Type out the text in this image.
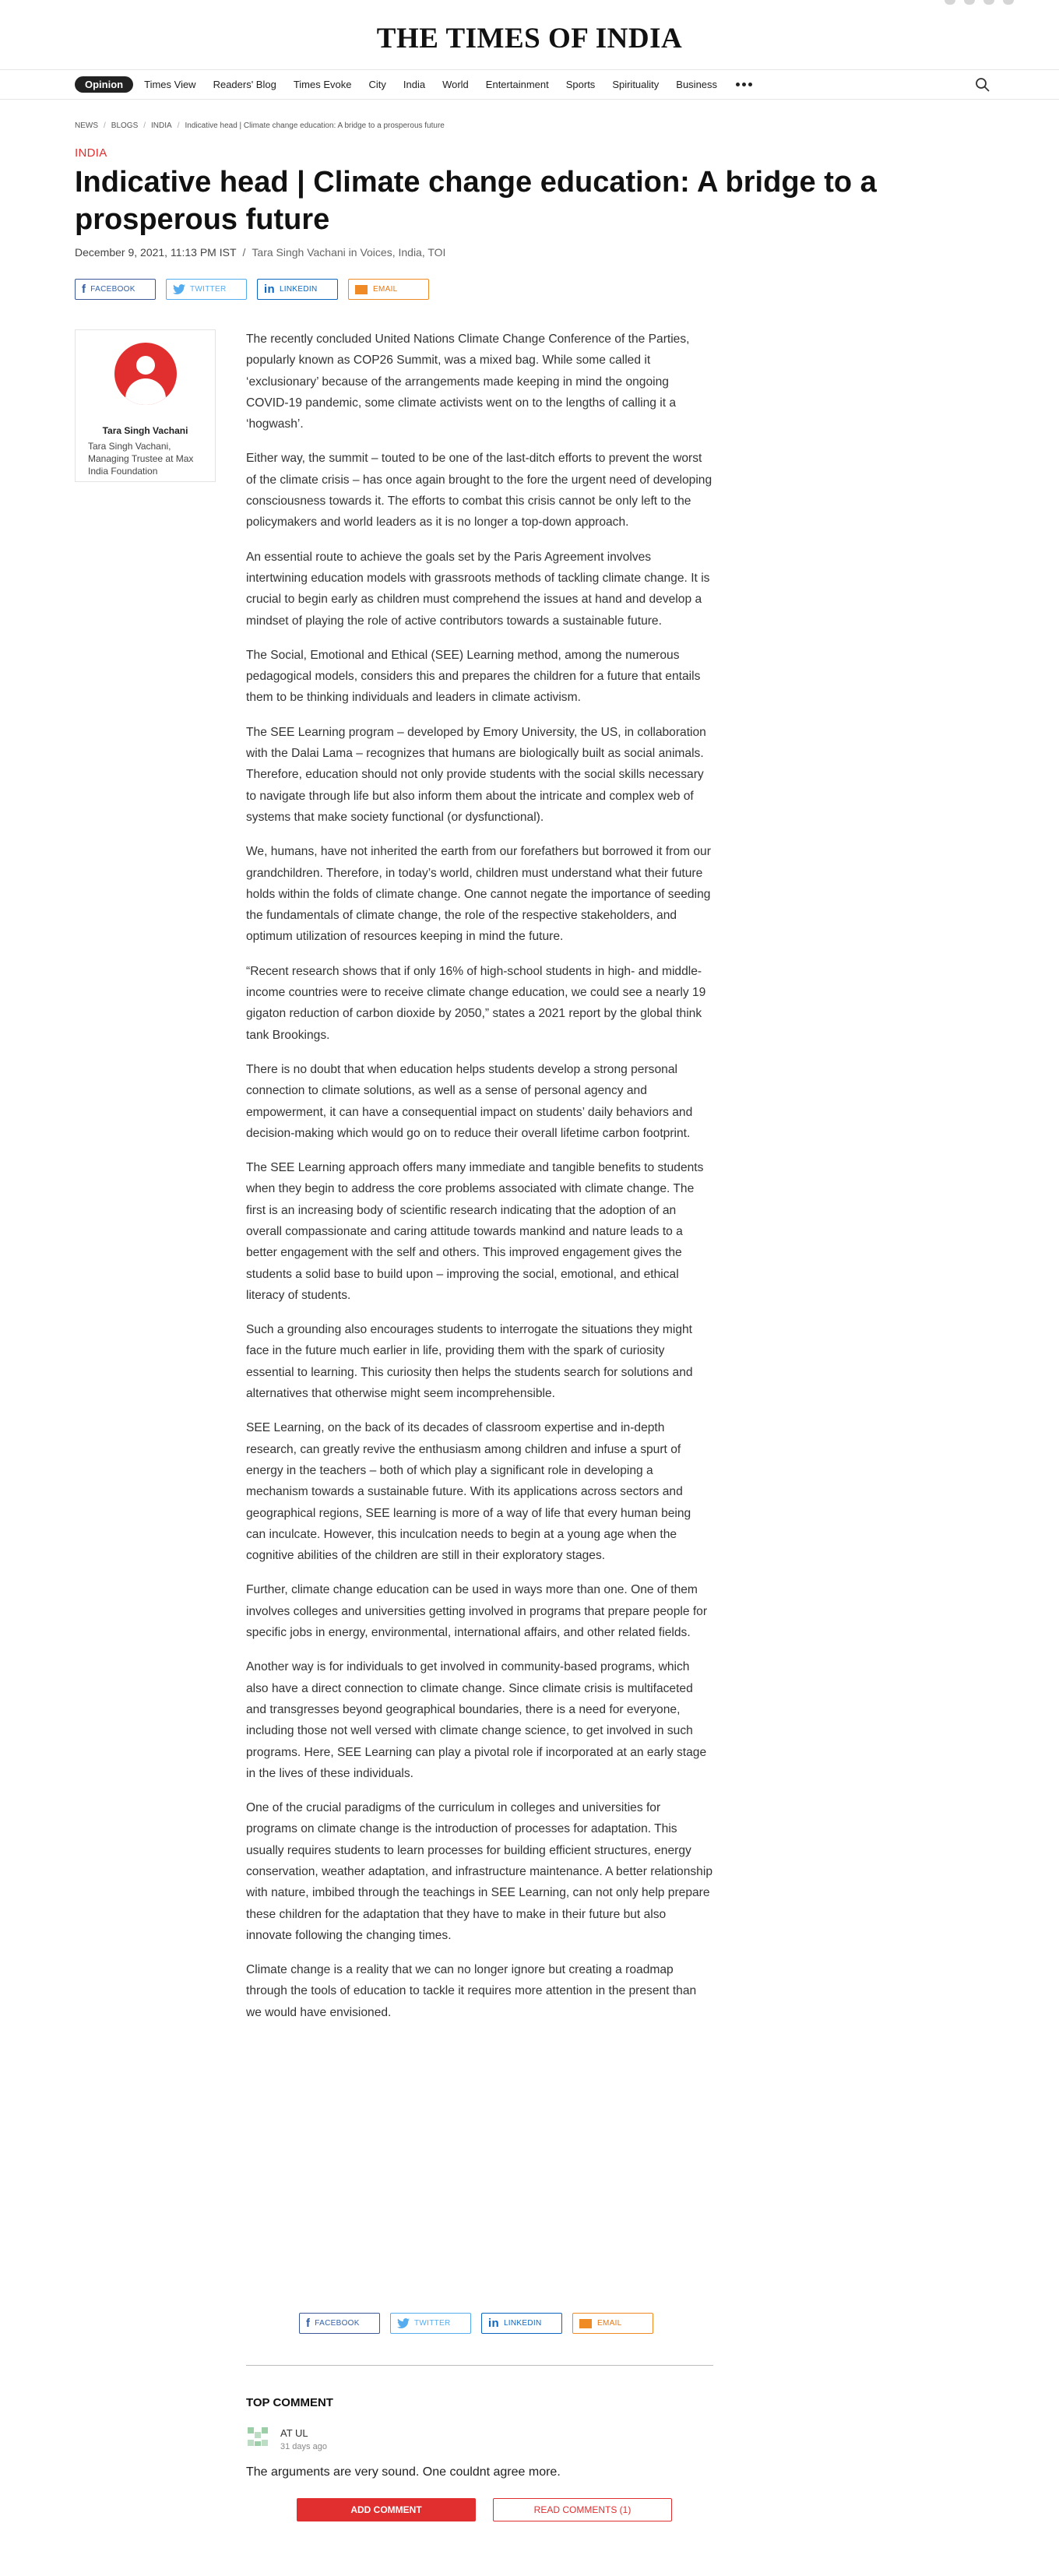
THE TIMES OF INDIA
Opinion	Times View Readers' Blog Times Evoke City India World Entertainment Sports Spirituality Business
NEWS / BLOGS / INDIA / Indicative head | Climate change education: A bridge to a prosperous future
INDIA
Indicative head | Climate change education: A bridge to a prosperous future
December 9, 2021, 11:13 PM IST / Tara Singh Vachani in Voices, India, TOI
f FACEBOOK	TWITTER	in LINKEDIN	EMAIL
Tara Singh Vachani
Tara Singh Vachani, Managing Trustee at Max India Foundation

The recently concluded United Nations Climate Change Conference of the Parties, popularly known as COP26 Summit, was a mixed bag. While some called it ‘exclusionary’ because of the arrangements made keeping in mind the ongoing COVID-19 pandemic, some climate activists went on to the lengths of calling it a ‘hogwash’.

Either way, the summit – touted to be one of the last-ditch efforts to prevent the worst of the climate crisis – has once again brought to the fore the urgent need of developing consciousness towards it. The efforts to combat this crisis cannot be only left to the policymakers and world leaders as it is no longer a top-down approach.

An essential route to achieve the goals set by the Paris Agreement involves intertwining education models with grassroots methods of tackling climate change. It is crucial to begin early as children must comprehend the issues at hand and develop a mindset of playing the role of active contributors towards a sustainable future.

The Social, Emotional and Ethical (SEE) Learning method, among the numerous pedagogical models, considers this and prepares the children for a future that entails them to be thinking individuals and leaders in climate activism.

The SEE Learning program – developed by Emory University, the US, in collaboration with the Dalai Lama – recognizes that humans are biologically built as social animals. Therefore, education should not only provide students with the social skills necessary to navigate through life but also inform them about the intricate and complex web of systems that make society functional (or dysfunctional).

We, humans, have not inherited the earth from our forefathers but borrowed it from our grandchildren. Therefore, in today’s world, children must understand what their future holds within the folds of climate change. One cannot negate the importance of seeding the fundamentals of climate change, the role of the respective stakeholders, and optimum utilization of resources keeping in mind the future.

“Recent research shows that if only 16% of high-school students in high- and middle-income countries were to receive climate change education, we could see a nearly 19 gigaton reduction of carbon dioxide by 2050,” states a 2021 report by the global think tank Brookings.

There is no doubt that when education helps students develop a strong personal connection to climate solutions, as well as a sense of personal agency and empowerment, it can have a consequential impact on students’ daily behaviors and decision-making which would go on to reduce their overall lifetime carbon footprint.

The SEE Learning approach offers many immediate and tangible benefits to students when they begin to address the core problems associated with climate change. The first is an increasing body of scientific research indicating that the adoption of an overall compassionate and caring attitude towards mankind and nature leads to a better engagement with the self and others. This improved engagement gives the students a solid base to build upon – improving the social, emotional, and ethical literacy of students.

Such a grounding also encourages students to interrogate the situations they might face in the future much earlier in life, providing them with the spark of curiosity essential to learning. This curiosity then helps the students search for solutions and alternatives that otherwise might seem incomprehensible.

SEE Learning, on the back of its decades of classroom expertise and in-depth research, can greatly revive the enthusiasm among children and infuse a spurt of energy in the teachers – both of which play a significant role in developing a mechanism towards a sustainable future. With its applications across sectors and geographical regions, SEE learning is more of a way of life that every human being can inculcate. However, this inculcation needs to begin at a young age when the cognitive abilities of the children are still in their exploratory stages.

Further, climate change education can be used in ways more than one. One of them involves colleges and universities getting involved in programs that prepare people for specific jobs in energy, environmental, international affairs, and other related fields.

Another way is for individuals to get involved in community-based programs, which also have a direct connection to climate change. Since climate crisis is multifaceted and transgresses beyond geographical boundaries, there is a need for everyone, including those not well versed with climate change science, to get involved in such programs. Here, SEE Learning can play a pivotal role if incorporated at an early stage in the lives of these individuals.

One of the crucial paradigms of the curriculum in colleges and universities for programs on climate change is the introduction of processes for adaptation. This usually requires students to learn processes for building efficient structures, energy conservation, weather adaptation, and infrastructure maintenance. A better relationship with nature, imbibed through the teachings in SEE Learning, can not only help prepare these children for the adaptation that they have to make in their future but also innovate following the changing times.

Climate change is a reality that we can no longer ignore but creating a roadmap through the tools of education to tackle it requires more attention in the present than we would have envisioned.

f FACEBOOK	TWITTER	in LINKEDIN	EMAIL
TOP COMMENT
AT UL
31 days ago
The arguments are very sound. One couldnt agree more.
ADD COMMENT	READ COMMENTS (1)
